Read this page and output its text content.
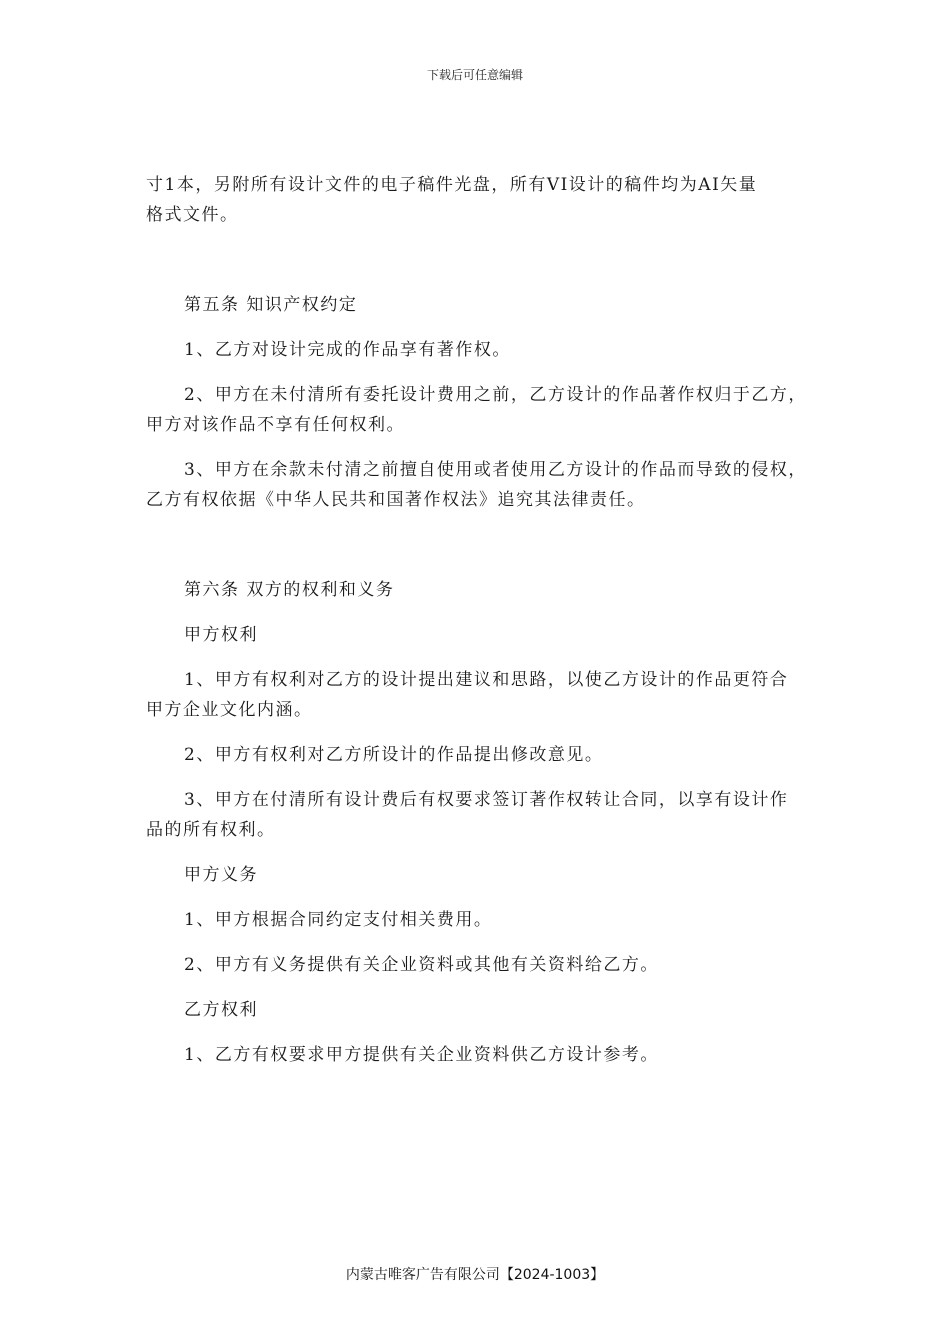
下载后可任意编辑
寸1本，另附所有设计文件的电子稿件光盘，所有VI设计的稿件均为AI矢量
格式文件。
第五条 知识产权约定
1、乙方对设计完成的作品享有著作权。
2、甲方在未付清所有委托设计费用之前，乙方设计的作品著作权归于乙方，
甲方对该作品不享有任何权利。
3、甲方在余款未付清之前擅自使用或者使用乙方设计的作品而导致的侵权，
乙方有权依据《中华人民共和国著作权法》追究其法律责任。
第六条 双方的权利和义务
甲方权利
1、甲方有权利对乙方的设计提出建议和思路，以使乙方设计的作品更符合
甲方企业文化内涵。
2、甲方有权利对乙方所设计的作品提出修改意见。
3、甲方在付清所有设计费后有权要求签订著作权转让合同，以享有设计作
品的所有权利。
甲方义务
1、甲方根据合同约定支付相关费用。
2、甲方有义务提供有关企业资料或其他有关资料给乙方。
乙方权利
1、乙方有权要求甲方提供有关企业资料供乙方设计参考。
内蒙古唯客广告有限公司【2024-1003】
